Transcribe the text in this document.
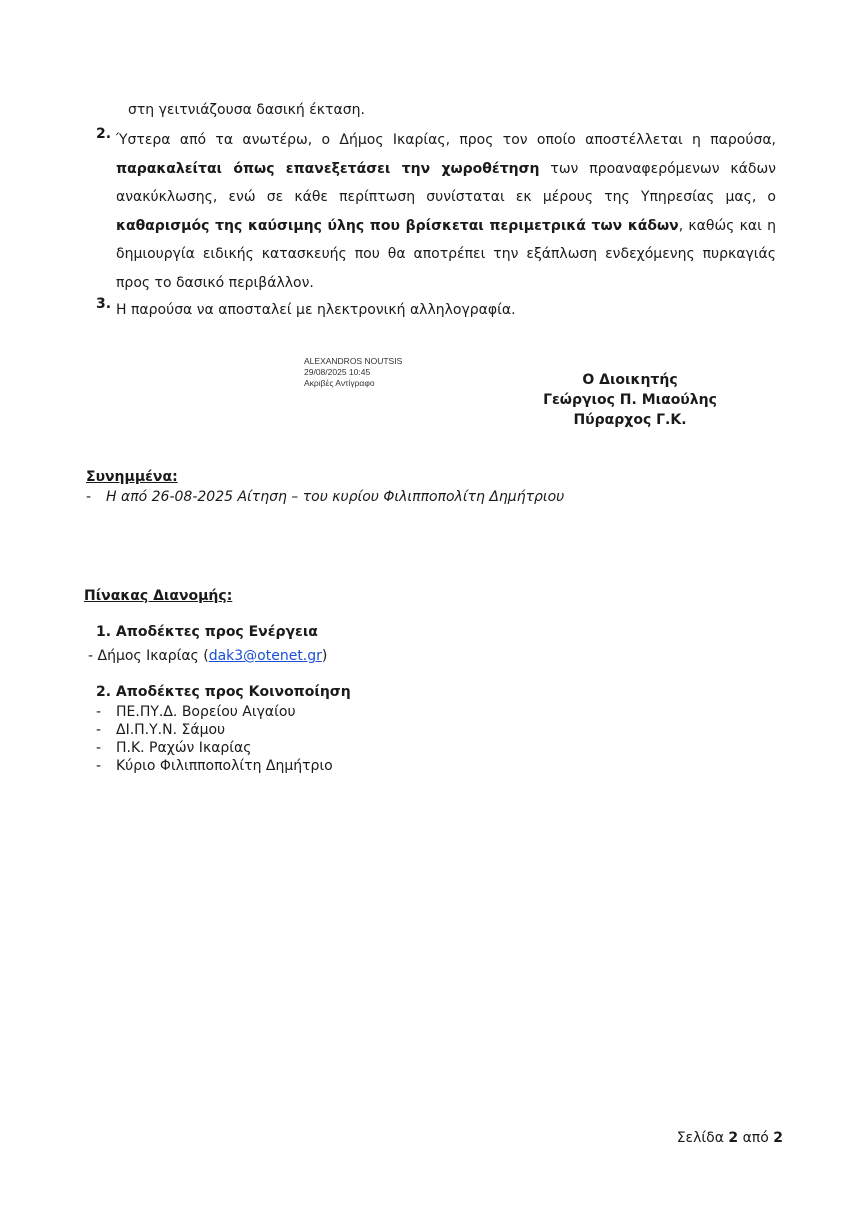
στη γειτνιάζουσα δασική έκταση.
2. Ύστερα από τα ανωτέρω, ο Δήμος Ικαρίας, προς τον οποίο αποστέλλεται η παρούσα, παρακαλείται όπως επανεξετάσει την χωροθέτηση των προαναφερόμενων κάδων ανακύκλωσης, ενώ σε κάθε περίπτωση συνίσταται εκ μέρους της Υπηρεσίας μας, ο καθαρισμός της καύσιμης ύλης που βρίσκεται περιμετρικά των κάδων, καθώς και η δημιουργία ειδικής κατασκευής που θα αποτρέπει την εξάπλωση ενδεχόμενης πυρκαγιάς προς το δασικό περιβάλλον.
3. Η παρούσα να αποσταλεί με ηλεκτρονική αλληλογραφία.
ALEXANDROS NOUTSIS
29/08/2025 10:45
Ακριβές Αντίγραφο	Ο Διοικητής
Γεώργιος Π. Μιαούλης
Πύραρχος Γ.Κ.
Συνημμένα:
- Η από 26-08-2025 Αίτηση – του κυρίου Φιλιπποπολίτη Δημήτριου
Πίνακας Διανομής:
1. Αποδέκτες προς Ενέργεια
- Δήμος Ικαρίας (dak3@otenet.gr)
2. Αποδέκτες προς Κοινοποίηση
- ΠΕ.ΠΥ.Δ. Βορείου Αιγαίου
- ΔΙ.Π.Υ.Ν. Σάμου
- Π.Κ. Ραχών Ικαρίας
- Κύριο Φιλιπποπολίτη Δημήτριο
Σελίδα 2 από 2
